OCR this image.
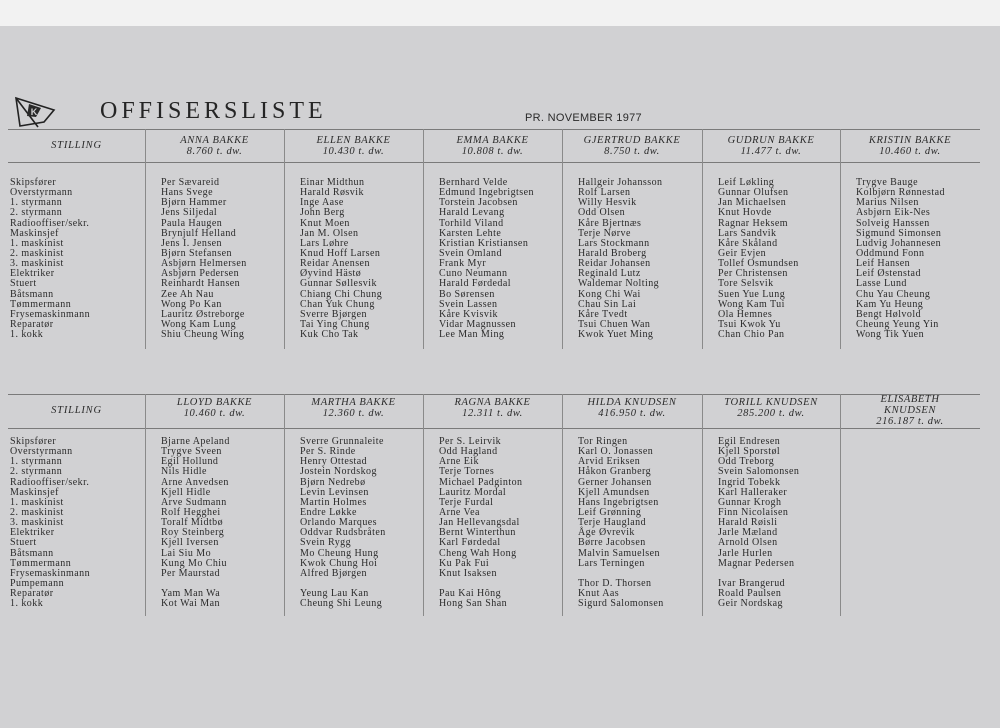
K	OFFISERSLISTE	PR. NOVEMBER 1977
STILLING
Skipsfører
Overstyrmann
1. styrmann
2. styrmann
Radiooffiser/sekr.
Maskinsjef
1. maskinist
2. maskinist
3. maskinist
Elektriker
Stuert
Båtsmann
Tømmermann
Frysemaskinmann
Reparatør
1. kokk
ANNA BAKKE
8.760 t. dw.
Per Sævareid
Hans Svege
Bjørn Hammer
Jens Siljedal
Paula Haugen
Brynjulf Helland
Jens I. Jensen
Bjørn Stefansen
Asbjørn Helmersen
Asbjørn Pedersen
Reinhardt Hansen
Zee Ah Nau
Wong Po Kan
Lauritz Østreborge
Wong Kam Lung
Shiu Cheung Wing
ELLEN BAKKE
10.430 t. dw.
Einar Midthun
Harald Røsvik
Inge Aase
John Berg
Knut Moen
Jan M. Olsen
Lars Løhre
Knud Hoff Larsen
Reidar Anensen
Øyvind Hästø
Gunnar Søllesvik
Chiang Chi Chung
Chan Yuk Chung
Sverre Bjørgen
Tai Ying Chung
Kuk Cho Tak
EMMA BAKKE
10.808 t. dw.
Bernhard Velde
Edmund Ingebrigtsen
Torstein Jacobsen
Harald Levang
Torhild Viland
Karsten Lehte
Kristian Kristiansen
Svein Omland
Frank Myr
Cuno Neumann
Harald Førdedal
Bo Sørensen
Svein Lassen
Kåre Kvisvik
Vidar Magnussen
Lee Man Ming
GJERTRUD BAKKE
8.750 t. dw.
Hallgeir Johansson
Rolf Larsen
Willy Hesvik
Odd Olsen
Kåre Bjertnæs
Terje Nørve
Lars Stockmann
Harald Broberg
Reidar Johansen
Reginald Lutz
Waldemar Nolting
Kong Chi Wai
Chau Sin Lai
Kåre Tvedt
Tsui Chuen Wan
Kwok Yuet Ming
GUDRUN BAKKE
11.477 t. dw.
Leif Løkling
Gunnar Olufsen
Jan Michaelsen
Knut Hovde
Ragnar Heksem
Lars Sandvik
Kåre Skåland
Geir Evjen
Tollef Osmundsen
Per Christensen
Tore Selsvik
Suen Yue Lung
Wong Kam Tui
Ola Hemnes
Tsui Kwok Yu
Chan Chio Pan
KRISTIN BAKKE
10.460 t. dw.
Trygve Bauge
Kolbjørn Rønnestad
Marius Nilsen
Asbjørn Eik-Nes
Solveig Hanssen
Sigmund Simonsen
Ludvig Johannesen
Oddmund Fonn
Leif Hansen
Leif Østenstad
Lasse Lund
Chu Yau Cheung
Kam Yu Heung
Bengt Hølvold
Cheung Yeung Yin
Wong Tik Yuen
STILLING
Skipsfører
Overstyrmann
1. styrmann
2. styrmann
Radiooffiser/sekr.
Maskinsjef
1. maskinist
2. maskinist
3. maskinist
Elektriker
Stuert
Båtsmann
Tømmermann
Frysemaskinmann
Pumpemann
Reparatør
1. kokk
LLOYD BAKKE
10.460 t. dw.
Bjarne Apeland
Trygve Sveen
Egil Hollund
Nils Hidle
Arne Anvedsen
Kjell Hidle
Arve Sudmann
Rolf Hegghei
Toralf Midtbø
Roy Steinberg
Kjell Iversen
Lai Siu Mo
Kung Mo Chiu
Per Maurstad
Yam Man Wa
Kot Wai Man
MARTHA BAKKE
12.360 t. dw.
Sverre Grunnaleite
Per S. Rinde
Henry Ottestad
Jostein Nordskog
Bjørn Nedrebø
Levin Levinsen
Martin Holmes
Endre Løkke
Orlando Marques
Oddvar Rudsbråten
Svein Rygg
Mo Cheung Hung
Kwok Chung Hoi
Alfred Bjørgen
Yeung Lau Kan
Cheung Shi Leung
RAGNA BAKKE
12.311 t. dw.
Per S. Leirvik
Odd Hagland
Arne Eik
Terje Tornes
Michael Padginton
Lauritz Mordal
Terje Furdal
Arne Vea
Jan Hellevangsdal
Bernt Winterthun
Karl Førdedal
Cheng Wah Hong
Ku Pak Fui
Knut Isaksen
Pau Kai Hông
Hong San Shan
HILDA KNUDSEN
416.950 t. dw.
Tor Ringen
Karl O. Jonassen
Arvid Eriksen
Håkon Granberg
Gerner Johansen
Kjell Amundsen
Hans Ingebrigtsen
Leif Grønning
Terje Haugland
Åge Øvrevik
Børre Jacobsen
Malvin Samuelsen
Lars Terningen
Thor D. Thorsen
Knut Aas
Sigurd Salomonsen
TORILL KNUDSEN
285.200 t. dw.
Egil Endresen
Kjell Sporstøl
Odd Treborg
Svein Salomonsen
Ingrid Tobekk
Karl Halleraker
Gunnar Krogh
Finn Nicolaisen
Harald Røisli
Jarle Mæland
Arnold Olsen
Jarle Hurlen
Magnar Pedersen
Ivar Brangerud
Roald Paulsen
Geir Nordskag
ELISABETH
KNUDSEN
216.187 t. dw.
